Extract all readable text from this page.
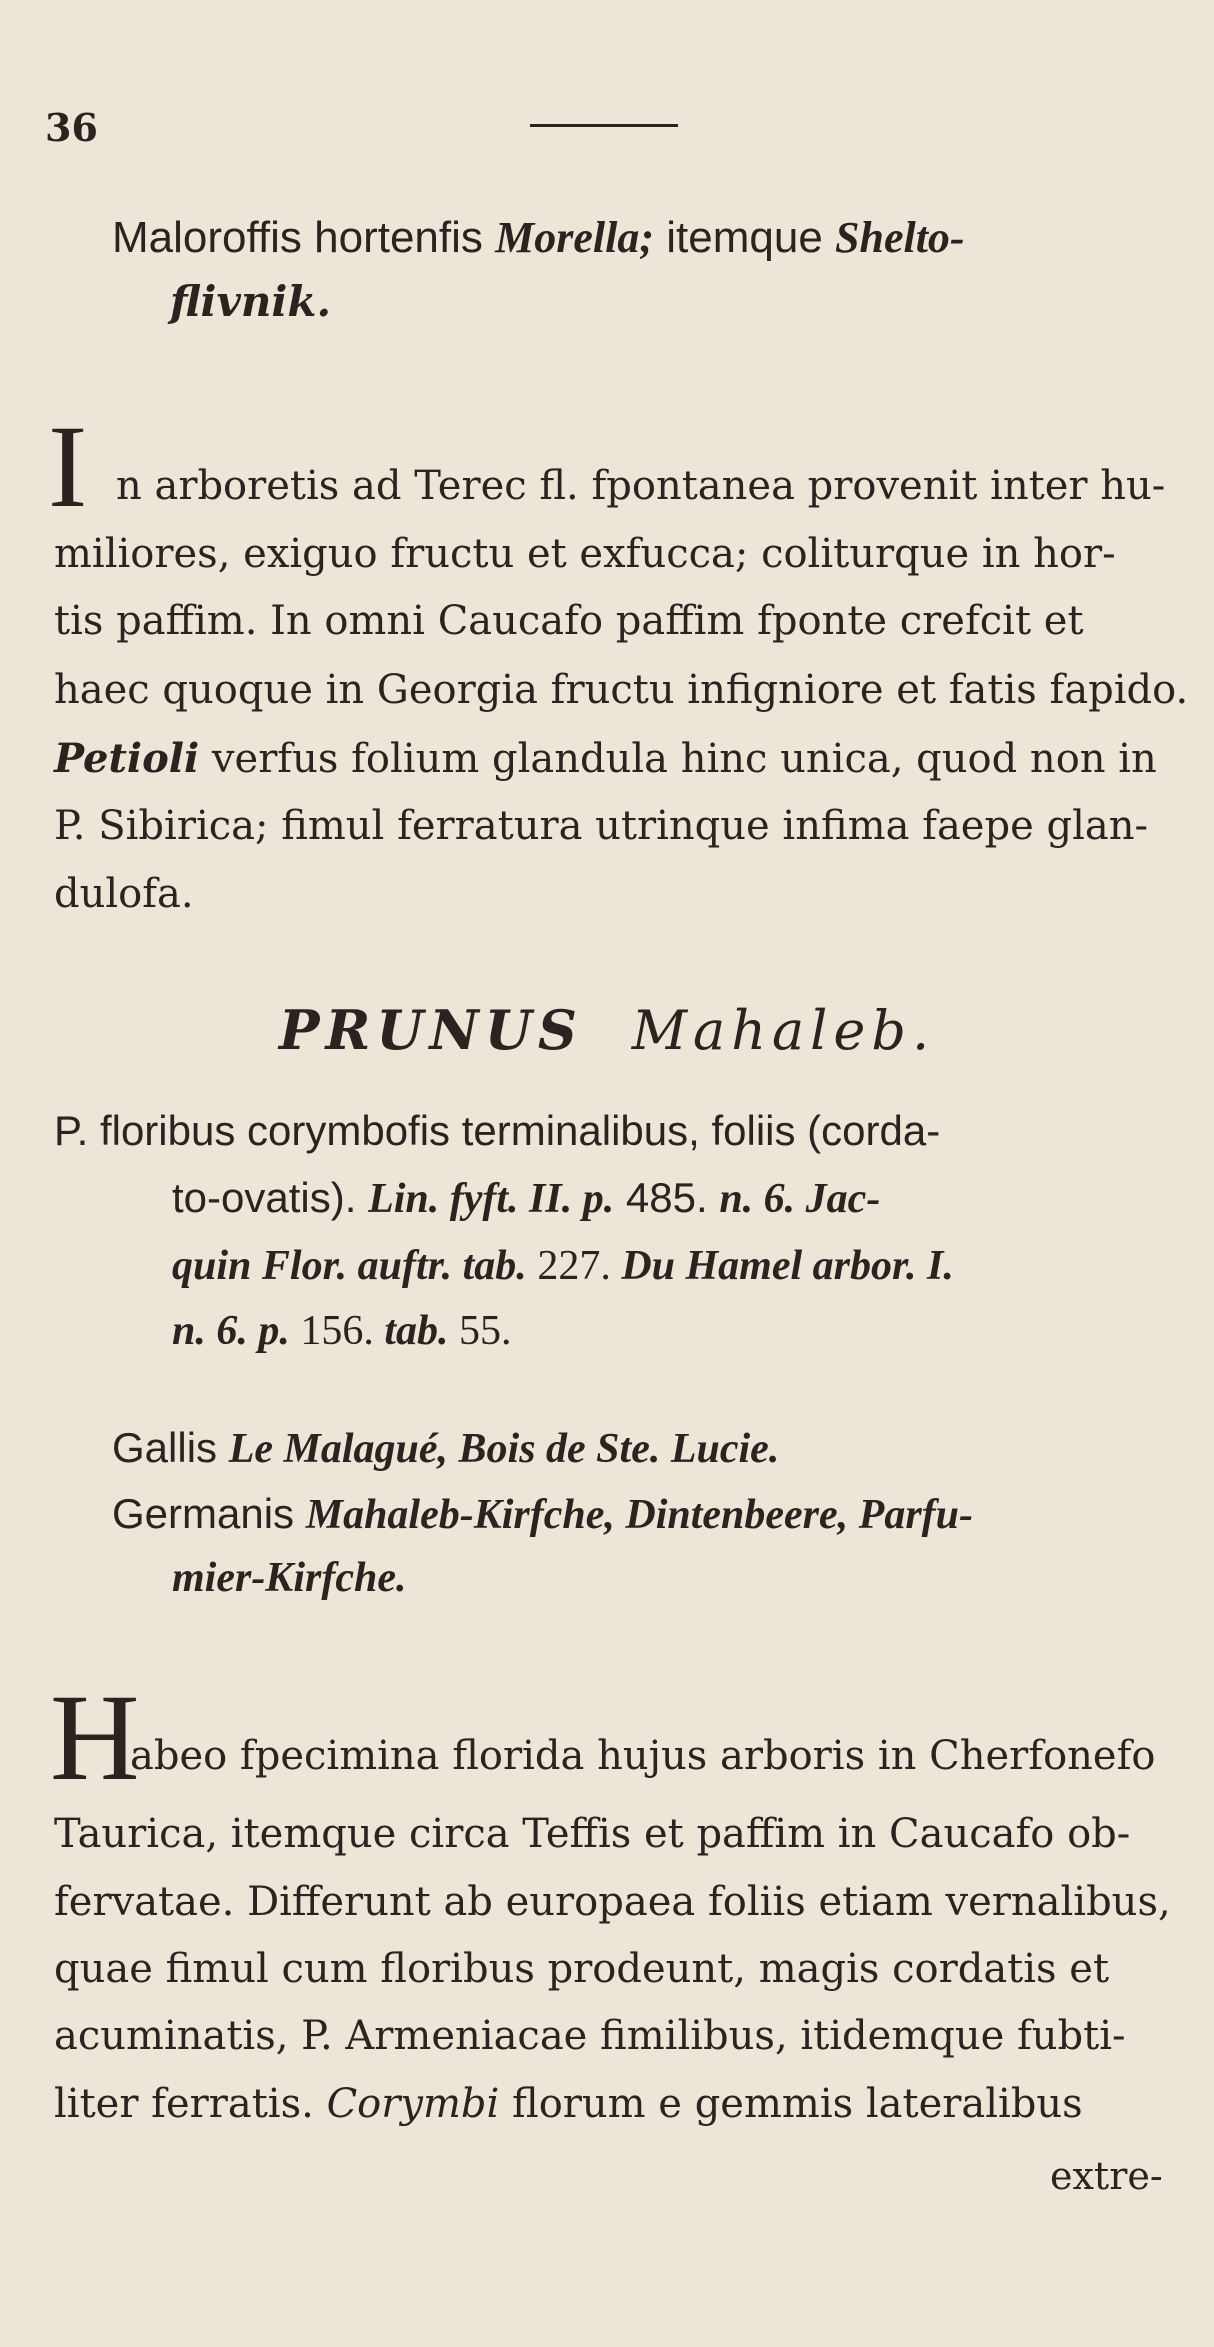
36
Maloroffis hortenfis Morella; itemque Shelto-
flivnik.
I n arboretis ad Terec fl. fpontanea provenit inter hu-
miliores, exiguo fructu et exfucca; coliturque in hor-
tis paffim. In omni Caucafo paffim fponte crefcit et
haec quoque in Georgia fructu infigniore et fatis fapido.
Petioli verfus folium glandula hinc unica, quod non in
P. Sibirica; fimul ferratura utrinque infima faepe glan-
dulofa.
PRUNUS Mahaleb.
P. floribus corymbofis terminalibus, foliis (corda-
to-ovatis). Lin. fyft. II. p. 485. n. 6. Jac-
quin Flor. auftr. tab. 227. Du Hamel arbor. I.
n. 6. p. 156. tab. 55.
Gallis Le Malagué, Bois de Ste. Lucie.
Germanis Mahaleb-Kirfche, Dintenbeere, Parfu-
mier-Kirfche.
H
abeo fpecimina florida hujus arboris in Cherfonefo
Taurica, itemque circa Teffis et paffim in Caucafo ob-
fervatae. Differunt ab europaea foliis etiam vernalibus,
quae fimul cum floribus prodeunt, magis cordatis et
acuminatis, P. Armeniacae fimilibus, itidemque fubti-
liter ferratis. Corymbi florum e gemmis lateralibus
extre-
